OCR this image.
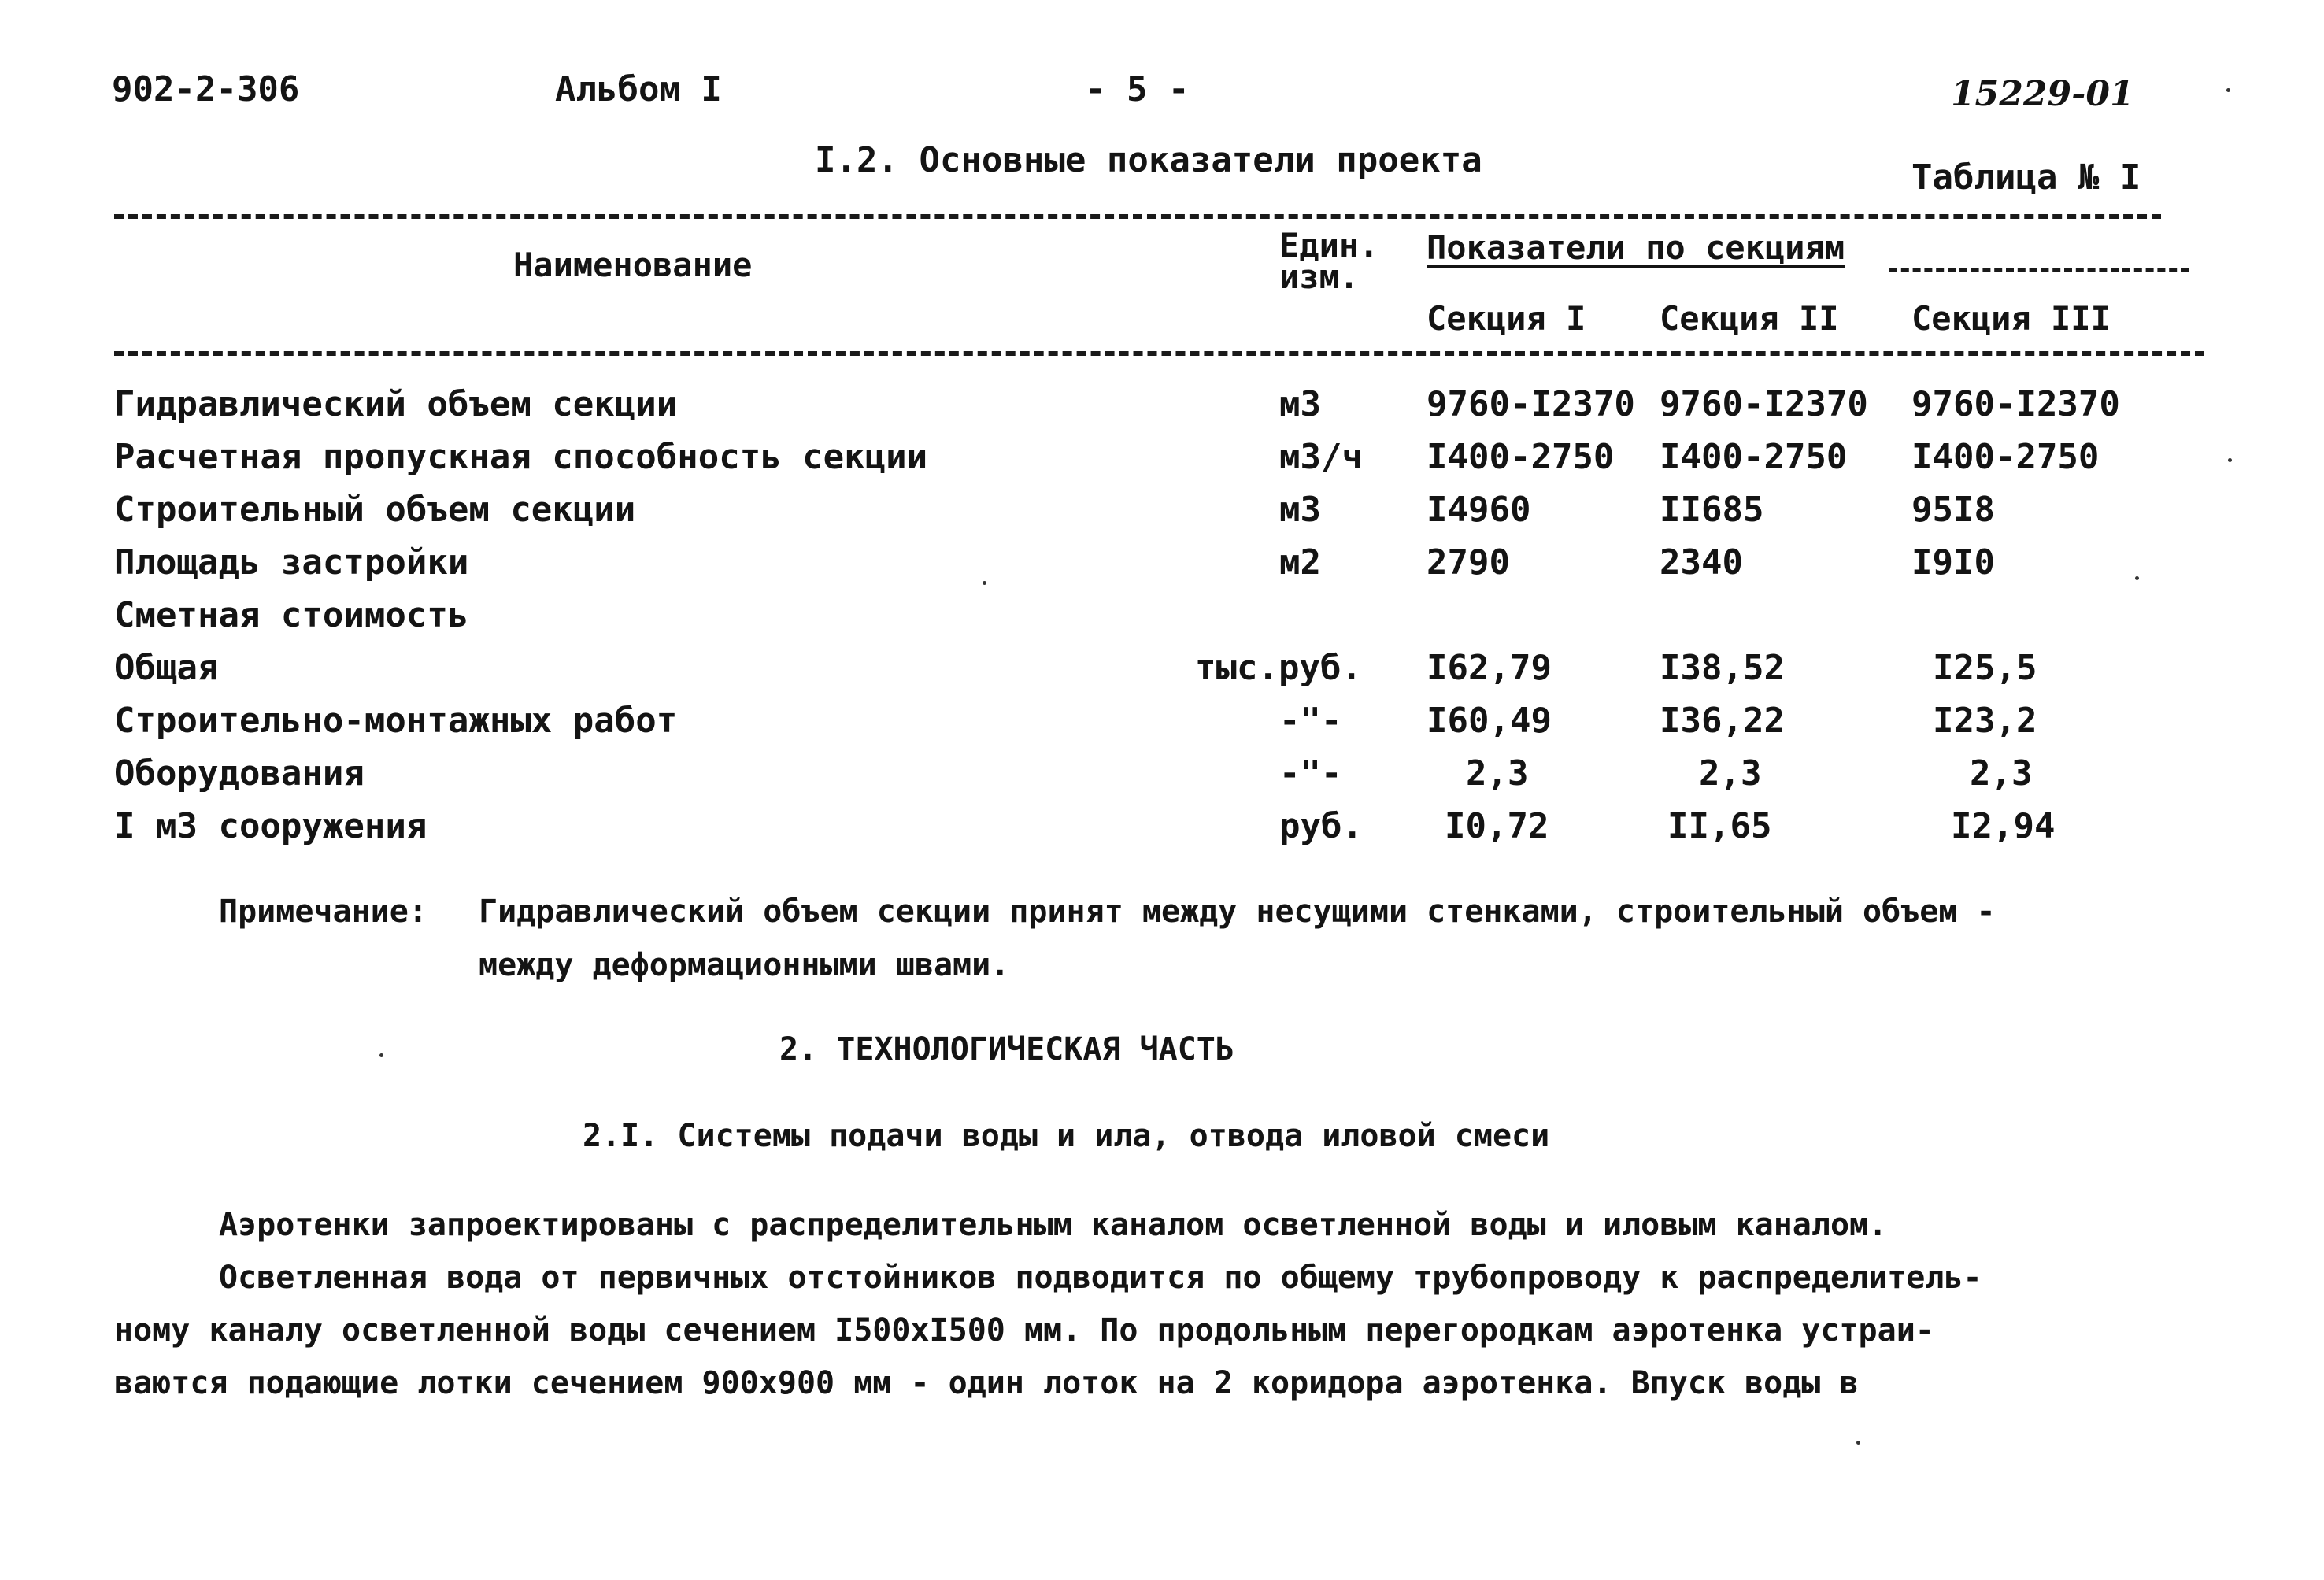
902-2-306	Альбом I	- 5 -	15229-01
I.2. Основные показатели проекта	Таблица № I
Наименование
Един. изм.
Показатели по секциям
Секция I Секция II Секция III
Гидравлический объем секции	м3	9760-I2370 9760-I2370 9760-I2370
Расчетная пропускная способность секции	м3/ч I400-2750 I400-2750 I400-2750
Строительный объем секции	м3	I4960	II685	95I8
Площадь застройки	м2	2790	2340	I9I0
Сметная стоимость
Общая	тыс.руб. I62,79	I38,52	I25,5
Строительно-монтажных работ	-"- I60,49	I36,22	I23,2
Оборудования	-"-	2,3	2,3	2,3
I м3 сооружения	руб. I0,72	II,65	I2,94
Примечание: Гидравлический объем секции принят между несущими стенками, строительный объем -
между деформационными швами.
2. ТЕХНОЛОГИЧЕСКАЯ ЧАСТЬ
2.I. Системы подачи воды и ила, отвода иловой смеси
Аэротенки запроектированы с распределительным каналом осветленной воды и иловым каналом.
Осветленная вода от первичных отстойников подводится по общему трубопроводу к распределитель-
ному каналу осветленной воды сечением I500xI500 мм. По продольным перегородкам аэротенка устраи-
ваются подающие лотки сечением 900x900 мм - один лоток на 2 коридора аэротенка. Впуск воды в
